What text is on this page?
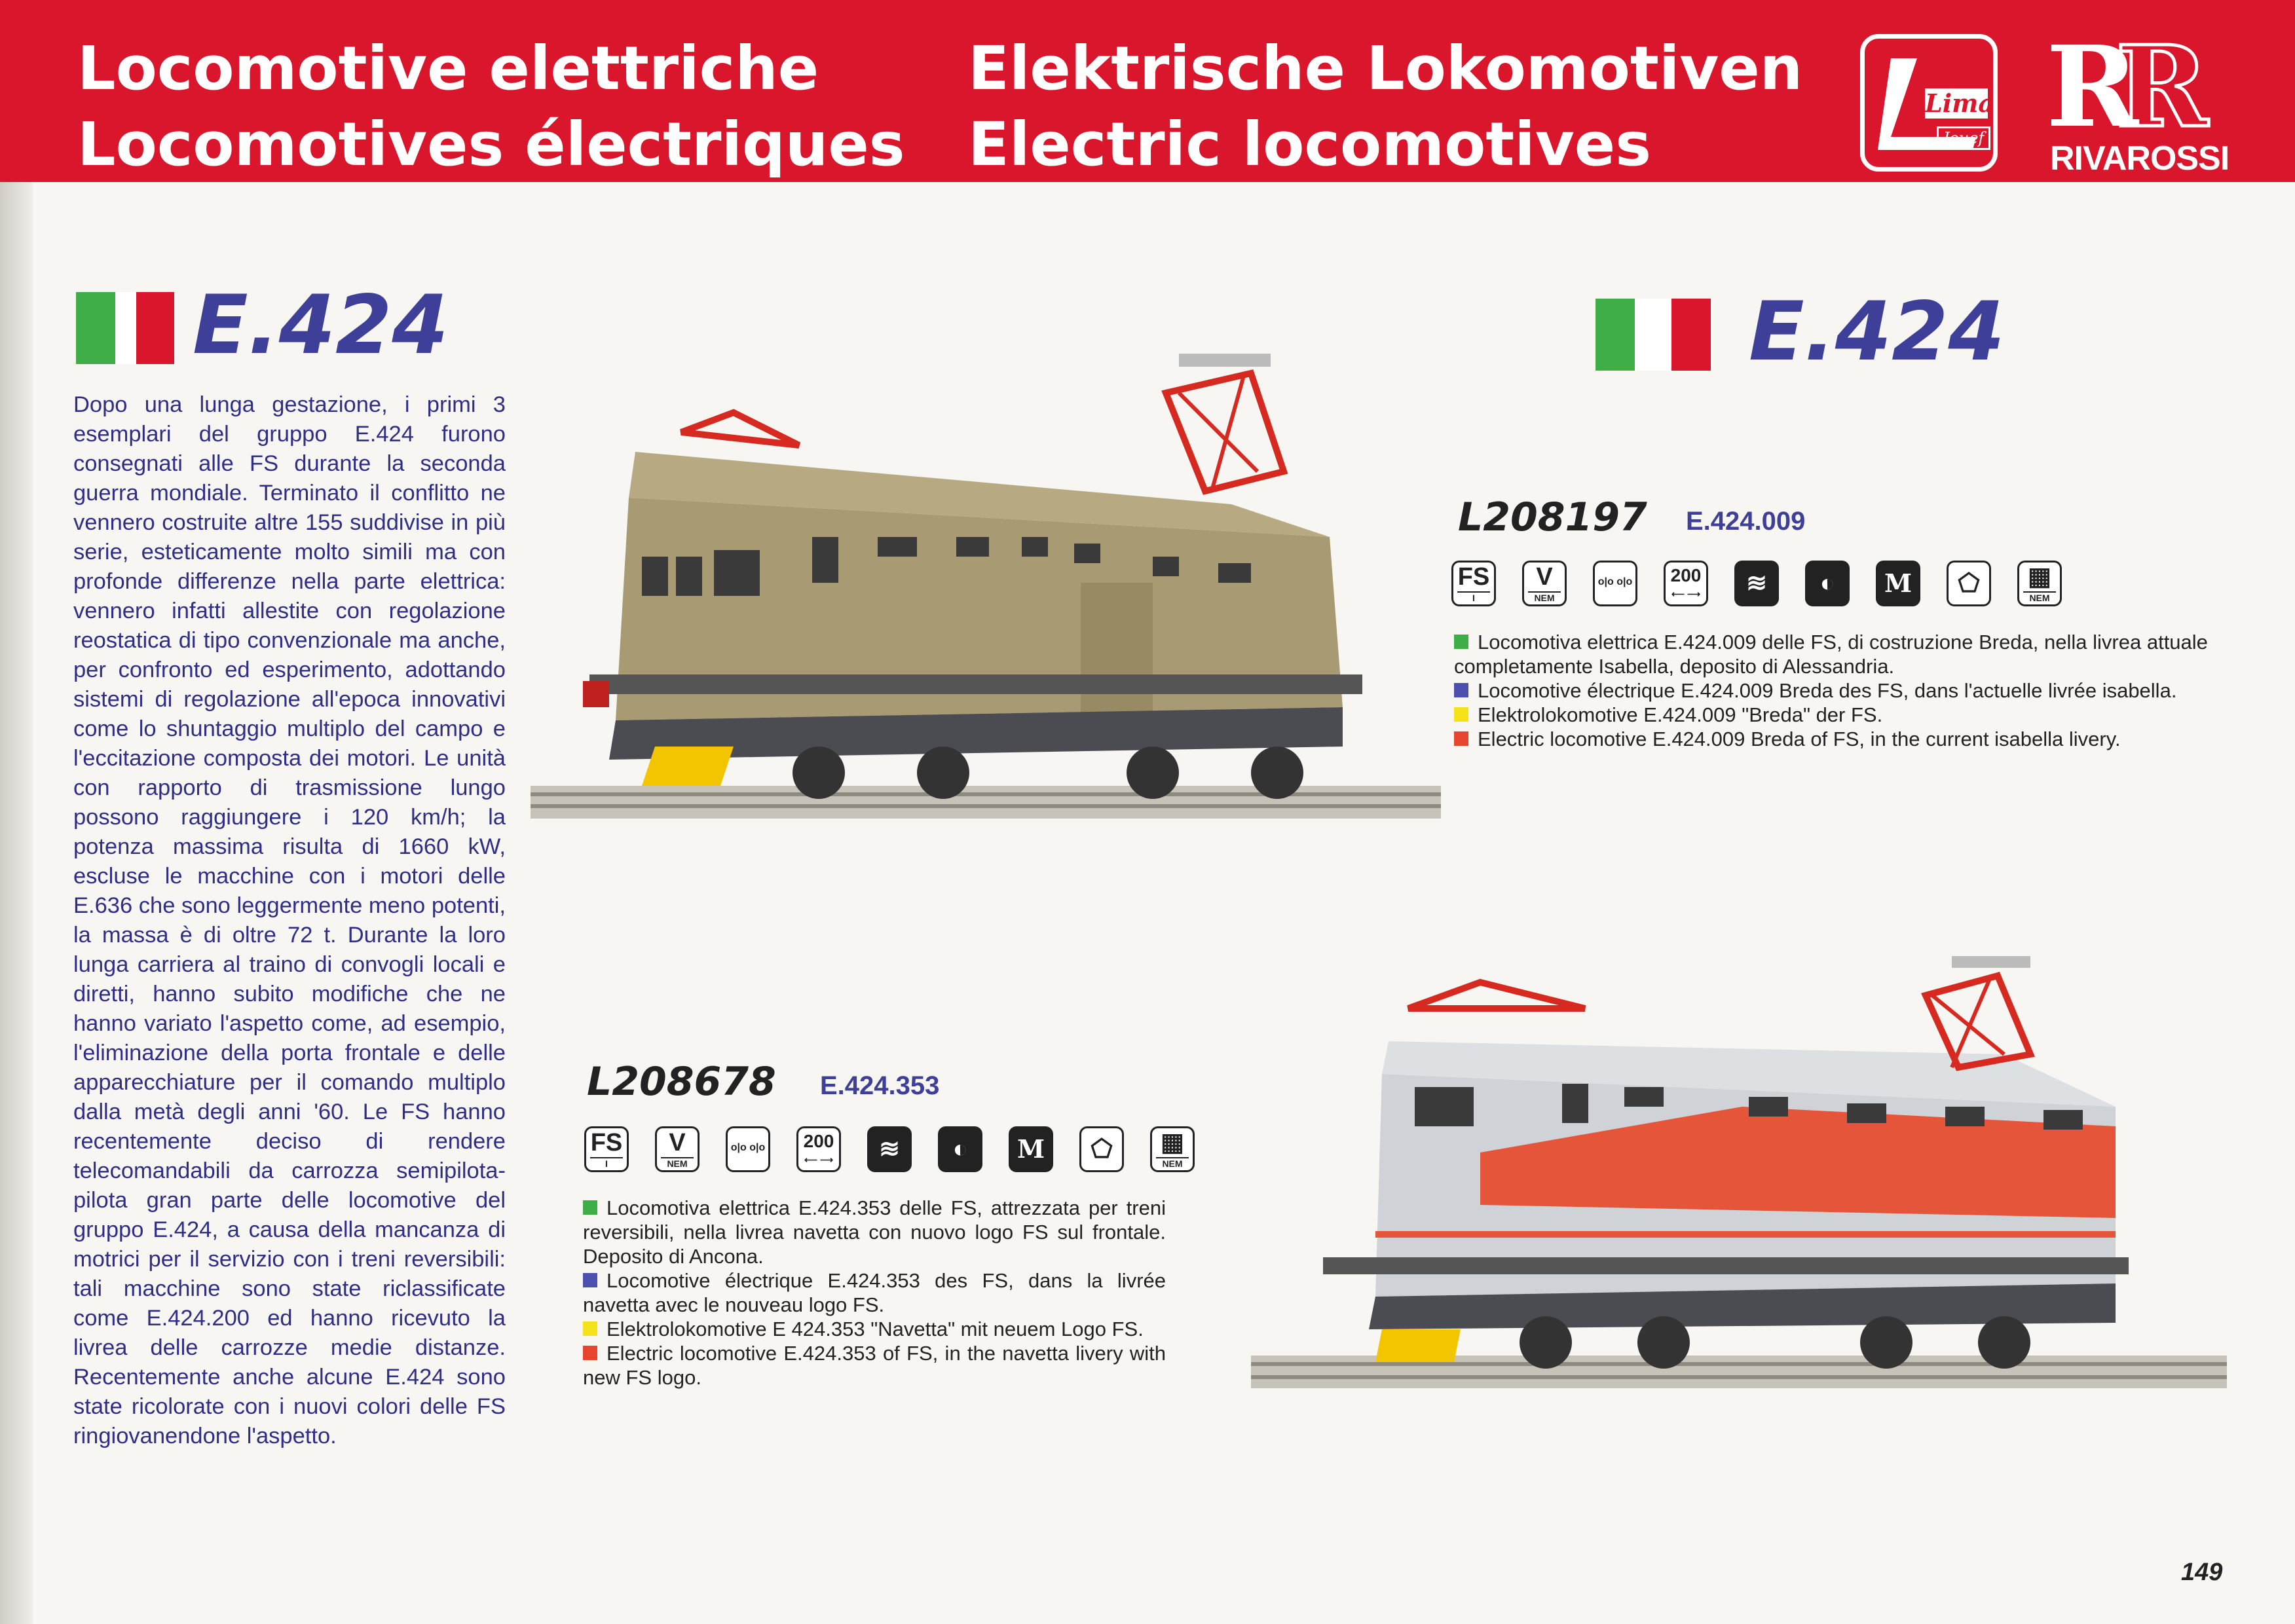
Locomotive elettriche
Locomotives électriques
Elektrische Lokomotiven
Electric locomotives
Lima
Jouef R
R
RIVAROSSI
E.424

Dopo una lunga gestazione, i primi 3 esemplari del gruppo E.424 furono consegnati alle FS durante la seconda guerra mondiale. Terminato il conflitto ne vennero costruite altre 155 suddivise in più serie, esteticamente molto simili ma con profonde differenze nella parte elettrica: vennero infatti allestite con regolazione reostatica di tipo convenzionale ma anche, per confronto ed esperimento, adottando sistemi di regolazione all'epoca innovativi come lo shuntaggio multiplo del campo e l'eccitazione composta dei motori. Le unità con rapporto di trasmissione lungo possono raggiungere i 120 km/h; la potenza massima risulta di 1660 kW, escluse le macchine con i motori delle E.636 che sono leggermente meno potenti, la massa è di oltre 72 t. Durante la loro lunga carriera al traino di convogli locali e diretti, hanno subito modifiche che ne hanno variato l'aspetto come, ad esempio, l'eliminazione della porta frontale e delle apparecchiature per il comando multiplo dalla metà degli anni '60. Le FS hanno recentemente deciso di rendere telecomandabili da carrozza semipilota-pilota gran parte delle locomotive del gruppo E.424, a causa della mancanza di motrici per il servizio con i treni reversibili: tali macchine sono state riclassificate come E.424.200 ed hanno ricevuto la livrea delle carrozze medie distanze. Recentemente anche alcune E.424 sono state ricolorate con i nuovi colori delle FS ringiovanendone l'aspetto.

E.424
L208197 E.424.009
FS
I
V
NEM
o|o o|o 200
⟵ ⟶	≋	◐	M	⬠	▦
NEM

Locomotiva elettrica E.424.009 delle FS, di costruzione Breda, nella livrea attuale completamente Isabella, deposito di Alessandria.

Locomotive électrique E.424.009 Breda des FS, dans l'actuelle livrée isabella.

Elektrolokomotive E.424.009 "Breda" der FS.

Electric locomotive E.424.009 Breda of FS, in the current isabella livery.

L208678 E.424.353
FS
I
V
NEM
o|o o|o 200
⟵ ⟶	≋	◐	M	⬠	▦
NEM

Locomotiva elettrica E.424.353 delle FS, attrezzata per treni reversibili, nella livrea navetta con nuovo logo FS sul frontale. Deposito di Ancona.

Locomotive électrique E.424.353 des FS, dans la livrée navetta avec le nouveau logo FS.

Elektrolokomotive E 424.353 "Navetta" mit neuem Logo FS.

Electric locomotive E.424.353 of FS, in the navetta livery with new FS logo.

149
